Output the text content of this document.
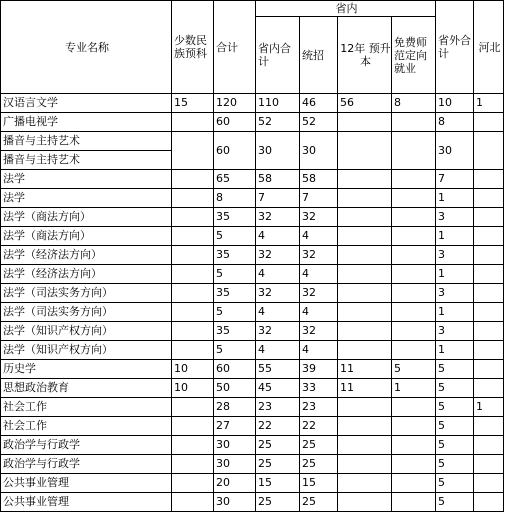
专业名称	少数民族预科	合计	省内				省外合计	河北
			省内合计	统招	12年 预升本	免费师范定向就业		
汉语言文学	15	120	110	46	56	8	10	1
广播电视学		60	52	52			8	
播音与主持艺术		60	30	30			30	
播音与主持艺术								
法学		65	58	58			7	
法学		8	7	7			1	
法学（商法方向）		35	32	32			3	
法学（商法方向）		5	4	4			1	
法学（经济法方向）		35	32	32			3	
法学（经济法方向）		5	4	4			1	
法学（司法实务方向）		35	32	32			3	
法学（司法实务方向）		5	4	4			1	
法学（知识产权方向）		35	32	32			3	
法学（知识产权方向）		5	4	4			1	
历史学	10	60	55	39	11	5	5	
思想政治教育	10	50	45	33	11	1	5	
社会工作		28	23	23			5	1
社会工作		27	22	22			5	
政治学与行政学		30	25	25			5	
政治学与行政学		30	25	25			5	
公共事业管理		20	15	15			5	
公共事业管理		30	25	25			5	
